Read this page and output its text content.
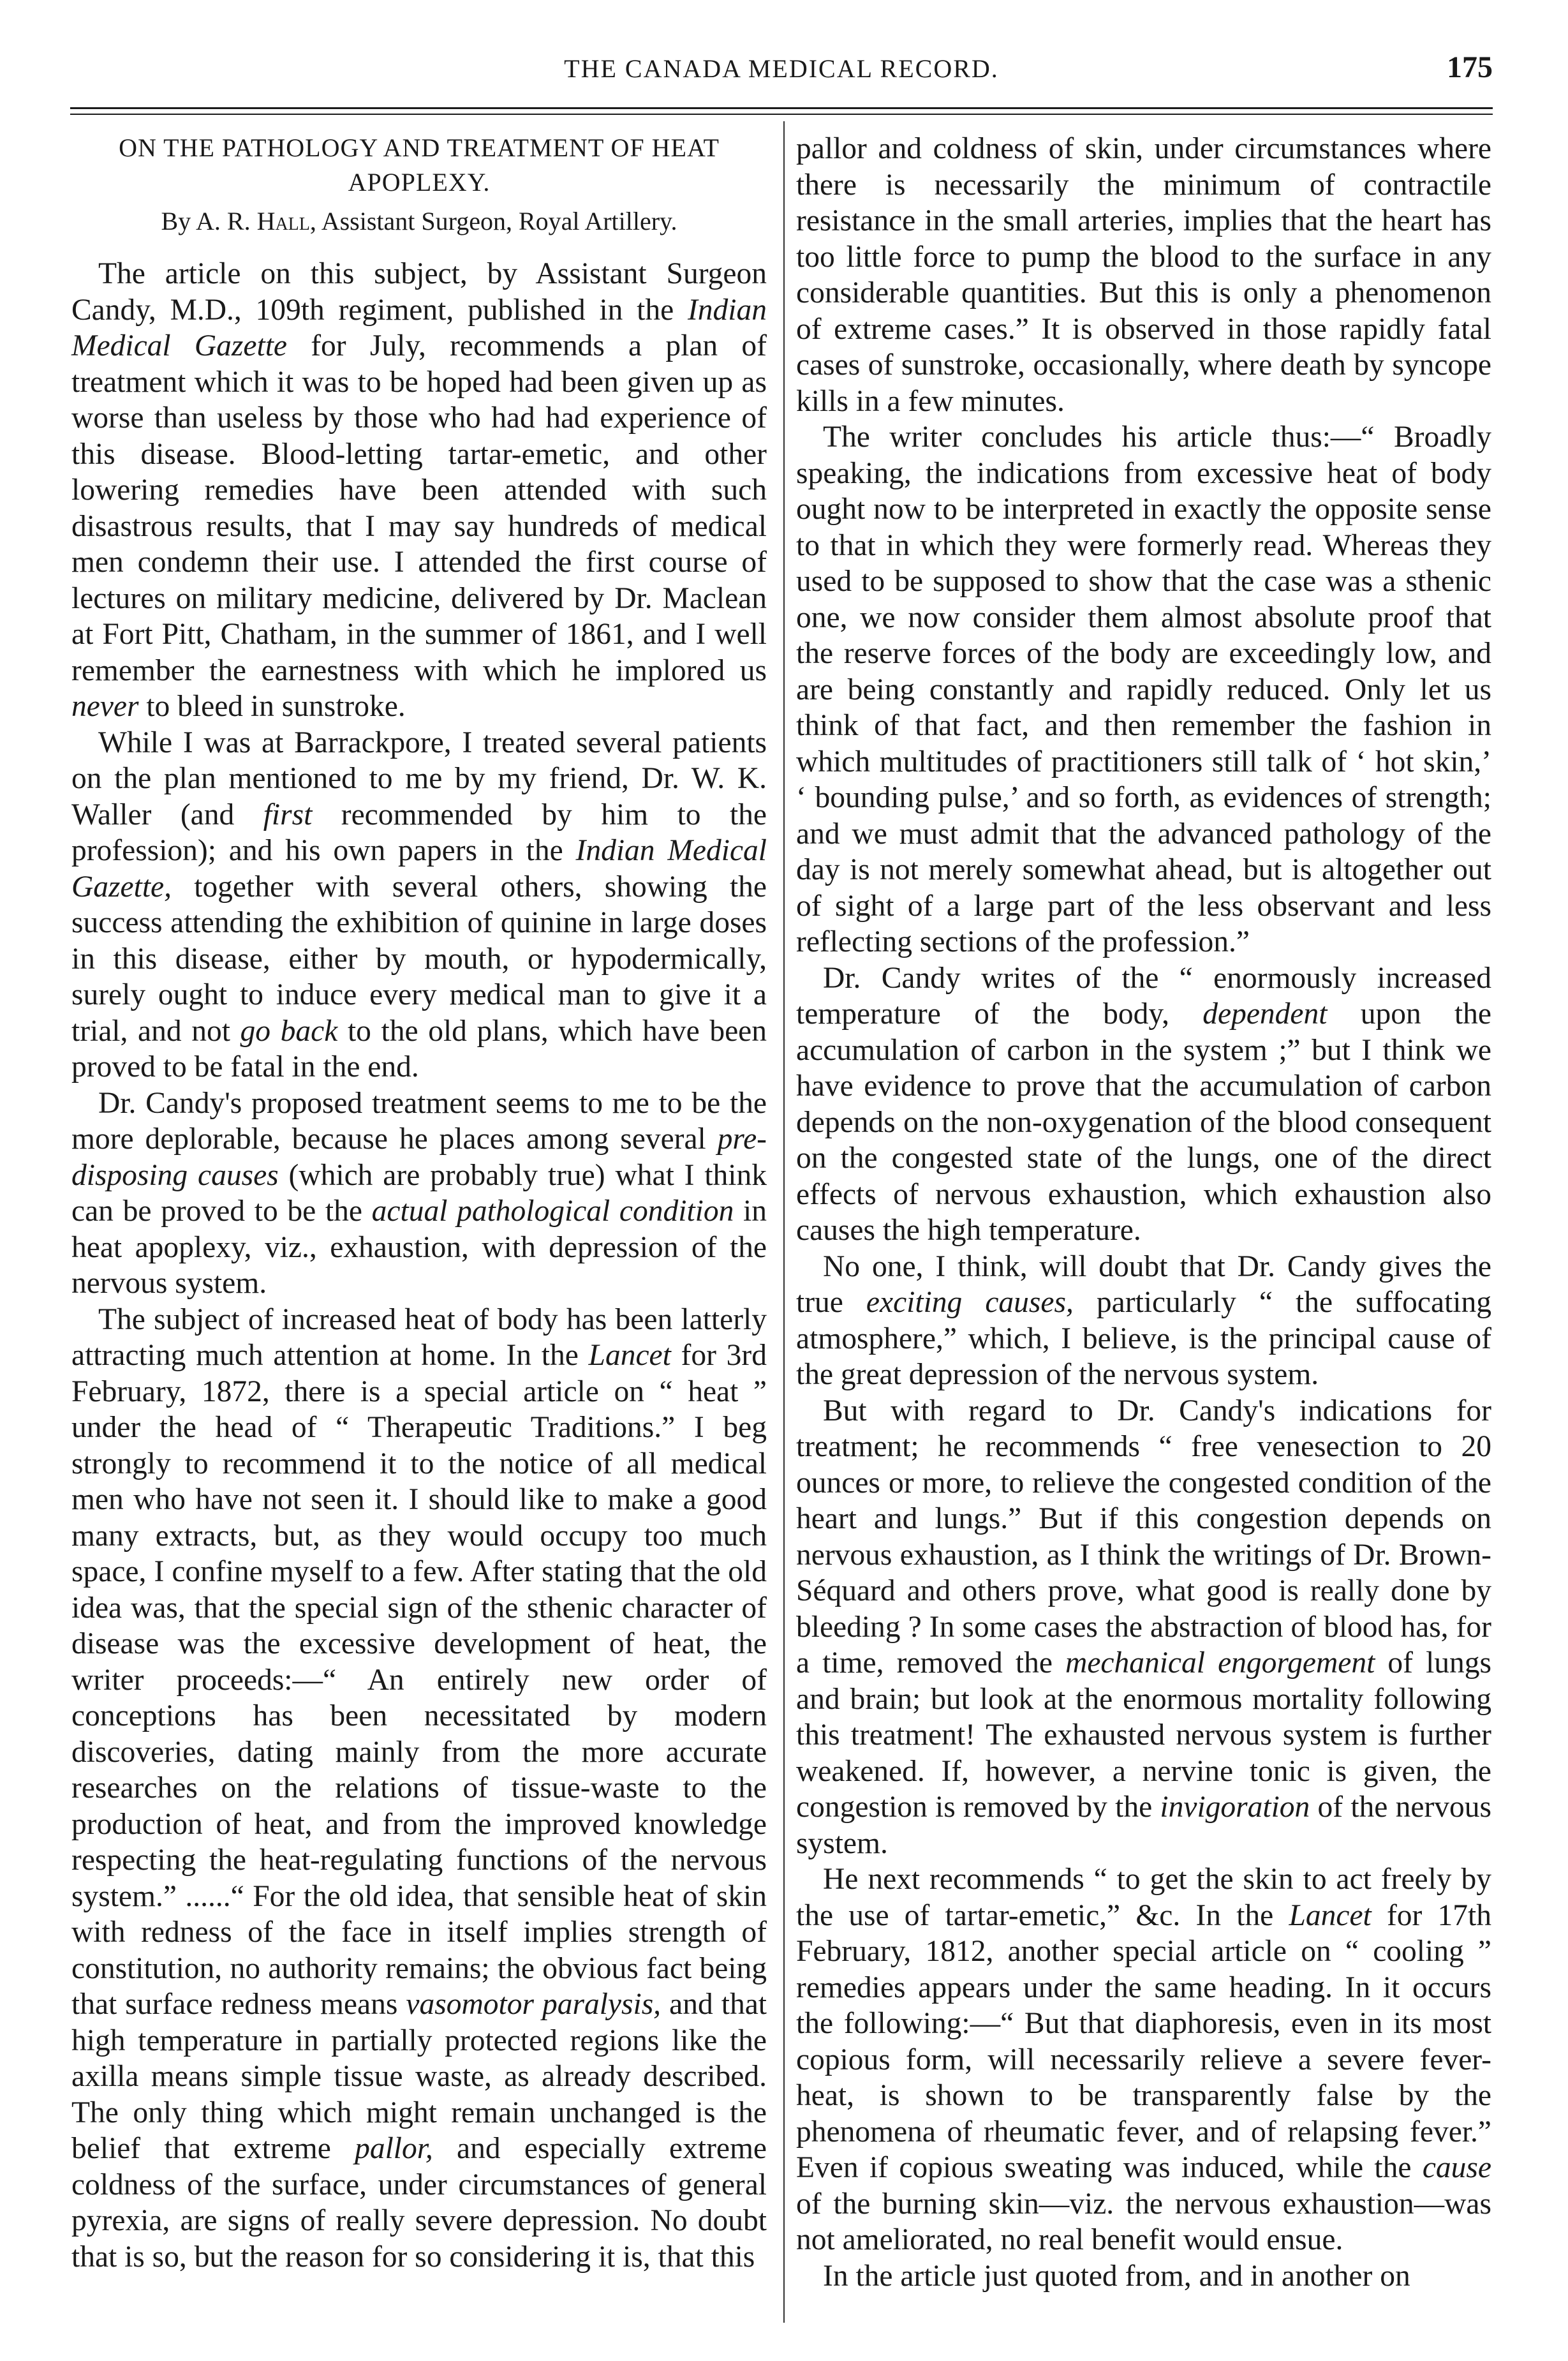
THE CANADA MEDICAL RECORD.	175
ON THE PATHOLOGY AND TREATMENT OF HEAT APOPLEXY.
By A. R. Hall, Assistant Surgeon, Royal Artillery.

The article on this subject, by Assistant Surgeon Candy, M.D., 109th regiment, published in the Indian Medical Gazette for July, recommends a plan of treatment which it was to be hoped had been given up as worse than useless by those who had had experience of this disease. Blood-letting tartar-emetic, and other lowering remedies have been attended with such disastrous results, that I may say hundreds of medical men condemn their use. I attended the first course of lectures on military medicine, delivered by Dr. Maclean at Fort Pitt, Chatham, in the summer of 1861, and I well remember the earnestness with which he implored us never to bleed in sunstroke.

While I was at Barrackpore, I treated several patients on the plan mentioned to me by my friend, Dr. W. K. Waller (and first recommended by him to the profession); and his own papers in the Indian Medical Gazette, together with several others, showing the success attending the exhibition of quinine in large doses in this disease, either by mouth, or hypodermically, surely ought to induce every medical man to give it a trial, and not go back to the old plans, which have been proved to be fatal in the end.

Dr. Candy's proposed treatment seems to me to be the more deplorable, because he places among several pre-disposing causes (which are probably true) what I think can be proved to be the actual pathological condition in heat apoplexy, viz., exhaustion, with depression of the nervous system.

The subject of increased heat of body has been latterly attracting much attention at home. In the Lancet for 3rd February, 1872, there is a special article on “ heat ” under the head of “ Therapeutic Traditions.” I beg strongly to recommend it to the notice of all medical men who have not seen it. I should like to make a good many extracts, but, as they would occupy too much space, I confine myself to a few. After stating that the old idea was, that the special sign of the sthenic character of disease was the excessive development of heat, the writer proceeds:—“ An entirely new order of conceptions has been necessitated by modern discoveries, dating mainly from the more accurate researches on the relations of tissue-waste to the production of heat, and from the improved knowledge respecting the heat-regulating functions of the nervous system.” ......“ For the old idea, that sensible heat of skin with redness of the face in itself implies strength of constitution, no authority remains; the obvious fact being that surface redness means vasomotor paralysis, and that high temperature in partially protected regions like the axilla means simple tissue waste, as already described. The only thing which might remain unchanged is the belief that extreme pallor, and especially extreme coldness of the surface, under circumstances of general pyrexia, are signs of really severe depression. No doubt that is so, but the reason for so considering it is, that this

pallor and coldness of skin, under circumstances where there is necessarily the minimum of contractile resistance in the small arteries, implies that the heart has too little force to pump the blood to the surface in any considerable quantities. But this is only a phenomenon of extreme cases.” It is observed in those rapidly fatal cases of sunstroke, occasionally, where death by syncope kills in a few minutes.

The writer concludes his article thus:—“ Broadly speaking, the indications from excessive heat of body ought now to be interpreted in exactly the opposite sense to that in which they were formerly read. Whereas they used to be supposed to show that the case was a sthenic one, we now consider them almost absolute proof that the reserve forces of the body are exceedingly low, and are being constantly and rapidly reduced. Only let us think of that fact, and then remember the fashion in which multitudes of practitioners still talk of ‘ hot skin,’ ‘ bounding pulse,’ and so forth, as evidences of strength; and we must admit that the advanced pathology of the day is not merely somewhat ahead, but is altogether out of sight of a large part of the less observant and less reflecting sections of the profession.”

Dr. Candy writes of the “ enormously increased temperature of the body, dependent upon the accumulation of carbon in the system ;” but I think we have evidence to prove that the accumulation of carbon depends on the non-oxygenation of the blood consequent on the congested state of the lungs, one of the direct effects of nervous exhaustion, which exhaustion also causes the high temperature.

No one, I think, will doubt that Dr. Candy gives the true exciting causes, particularly “ the suffocating atmosphere,” which, I believe, is the principal cause of the great depression of the nervous system.

But with regard to Dr. Candy's indications for treatment; he recommends “ free venesection to 20 ounces or more, to relieve the congested condition of the heart and lungs.” But if this congestion depends on nervous exhaustion, as I think the writings of Dr. Brown-Séquard and others prove, what good is really done by bleeding ? In some cases the abstraction of blood has, for a time, removed the mechanical engorgement of lungs and brain; but look at the enormous mortality following this treatment! The exhausted nervous system is further weakened. If, however, a nervine tonic is given, the congestion is removed by the invigoration of the nervous system.

He next recommends “ to get the skin to act freely by the use of tartar-emetic,” &c. In the Lancet for 17th February, 1812, another special article on “ cooling ” remedies appears under the same heading. In it occurs the following:—“ But that diaphoresis, even in its most copious form, will necessarily relieve a severe fever-heat, is shown to be transparently false by the phenomena of rheumatic fever, and of relapsing fever.” Even if copious sweating was induced, while the cause of the burning skin—viz. the nervous exhaustion—was not ameliorated, no real benefit would ensue.

In the article just quoted from, and in another on
